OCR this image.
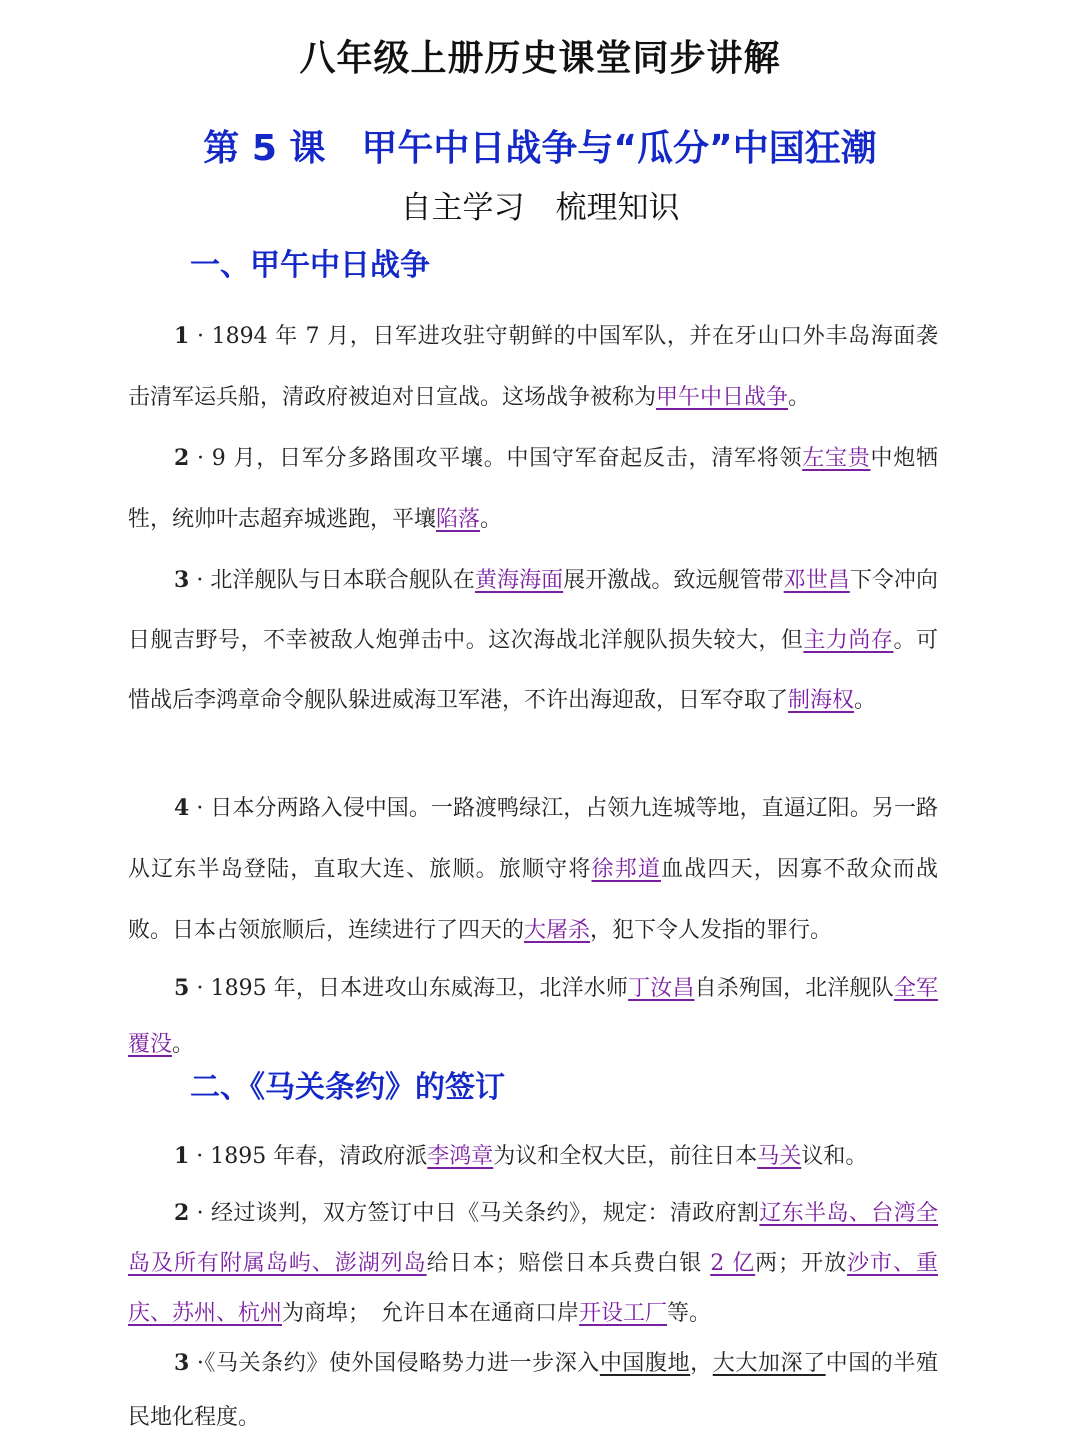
八年级上册历史课堂同步讲解
第 5 课　甲午中日战争与“瓜分”中国狂潮
自主学习　梳理知识
一、甲午中日战争
1 · 1894 年 7 月，日军进攻驻守朝鲜的中国军队，并在牙山口外丰岛海面袭击清军运兵船，清政府被迫对日宣战。这场战争被称为甲午中日战争。
2 · 9 月，日军分多路围攻平壤。中国守军奋起反击，清军将领左宝贵中炮牺牲，统帅叶志超弃城逃跑，平壤陷落。
3 · 北洋舰队与日本联合舰队在黄海海面展开激战。致远舰管带邓世昌下令冲向日舰吉野号，不幸被敌人炮弹击中。这次海战北洋舰队损失较大，但主力尚存。可惜战后李鸿章命令舰队躲进威海卫军港，不许出海迎敌，日军夺取了制海权。
4 · 日本分两路入侵中国。一路渡鸭绿江，占领九连城等地，直逼辽阳。另一路从辽东半岛登陆，直取大连、旅顺。旅顺守将徐邦道血战四天，因寡不敌众而战败。日本占领旅顺后，连续进行了四天的大屠杀，犯下令人发指的罪行。
5 · 1895 年，日本进攻山东威海卫，北洋水师丁汝昌自杀殉国，北洋舰队全军覆没。
二、《马关条约》的签订
1 · 1895 年春，清政府派李鸿章为议和全权大臣，前往日本马关议和。
2 · 经过谈判，双方签订中日《马关条约》，规定：清政府割辽东半岛、台湾全岛及所有附属岛屿、澎湖列岛给日本；赔偿日本兵费白银 2 亿两；开放沙市、重庆、苏州、杭州为商埠；　允许日本在通商口岸开设工厂等。
3 ·《马关条约》使外国侵略势力进一步深入中国腹地，大大加深了中国的半殖民地化程度。
